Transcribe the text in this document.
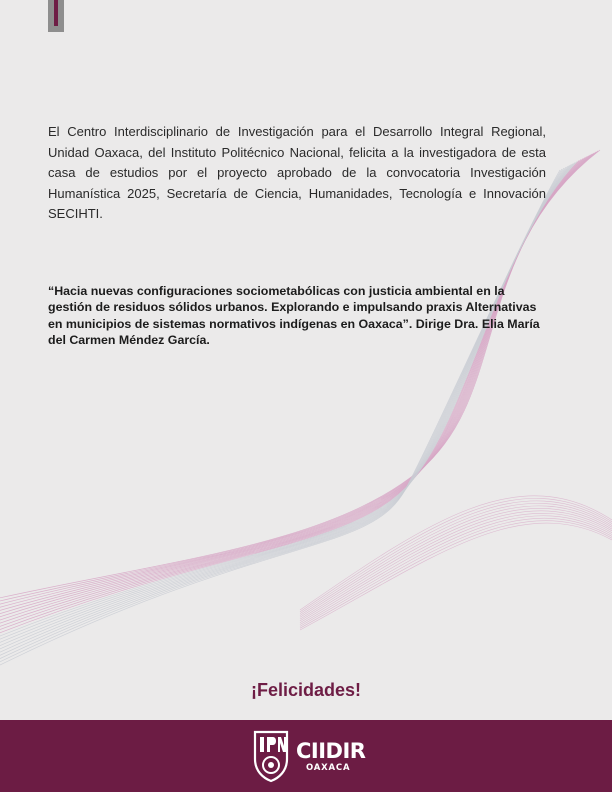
El Centro Interdisciplinario de Investigación para el Desarrollo Integral Regional, Unidad Oaxaca, del Instituto Politécnico Nacional, felicita a la investigadora de esta casa de estudios por el proyecto aprobado de la convocatoria Investigación Humanística 2025, Secretaría de Ciencia, Humanidades, Tecnología e Innovación SECIHTI.

“Hacia nuevas configuraciones sociometabólicas con justicia ambiental en la gestión de residuos sólidos urbanos. Explorando e impulsando praxis Alternativas en municipios de sistemas normativos indígenas en Oaxaca”. Dirige Dra. Elia María del Carmen Méndez García.

¡Felicidades!

CIIDIR
OAXACA
